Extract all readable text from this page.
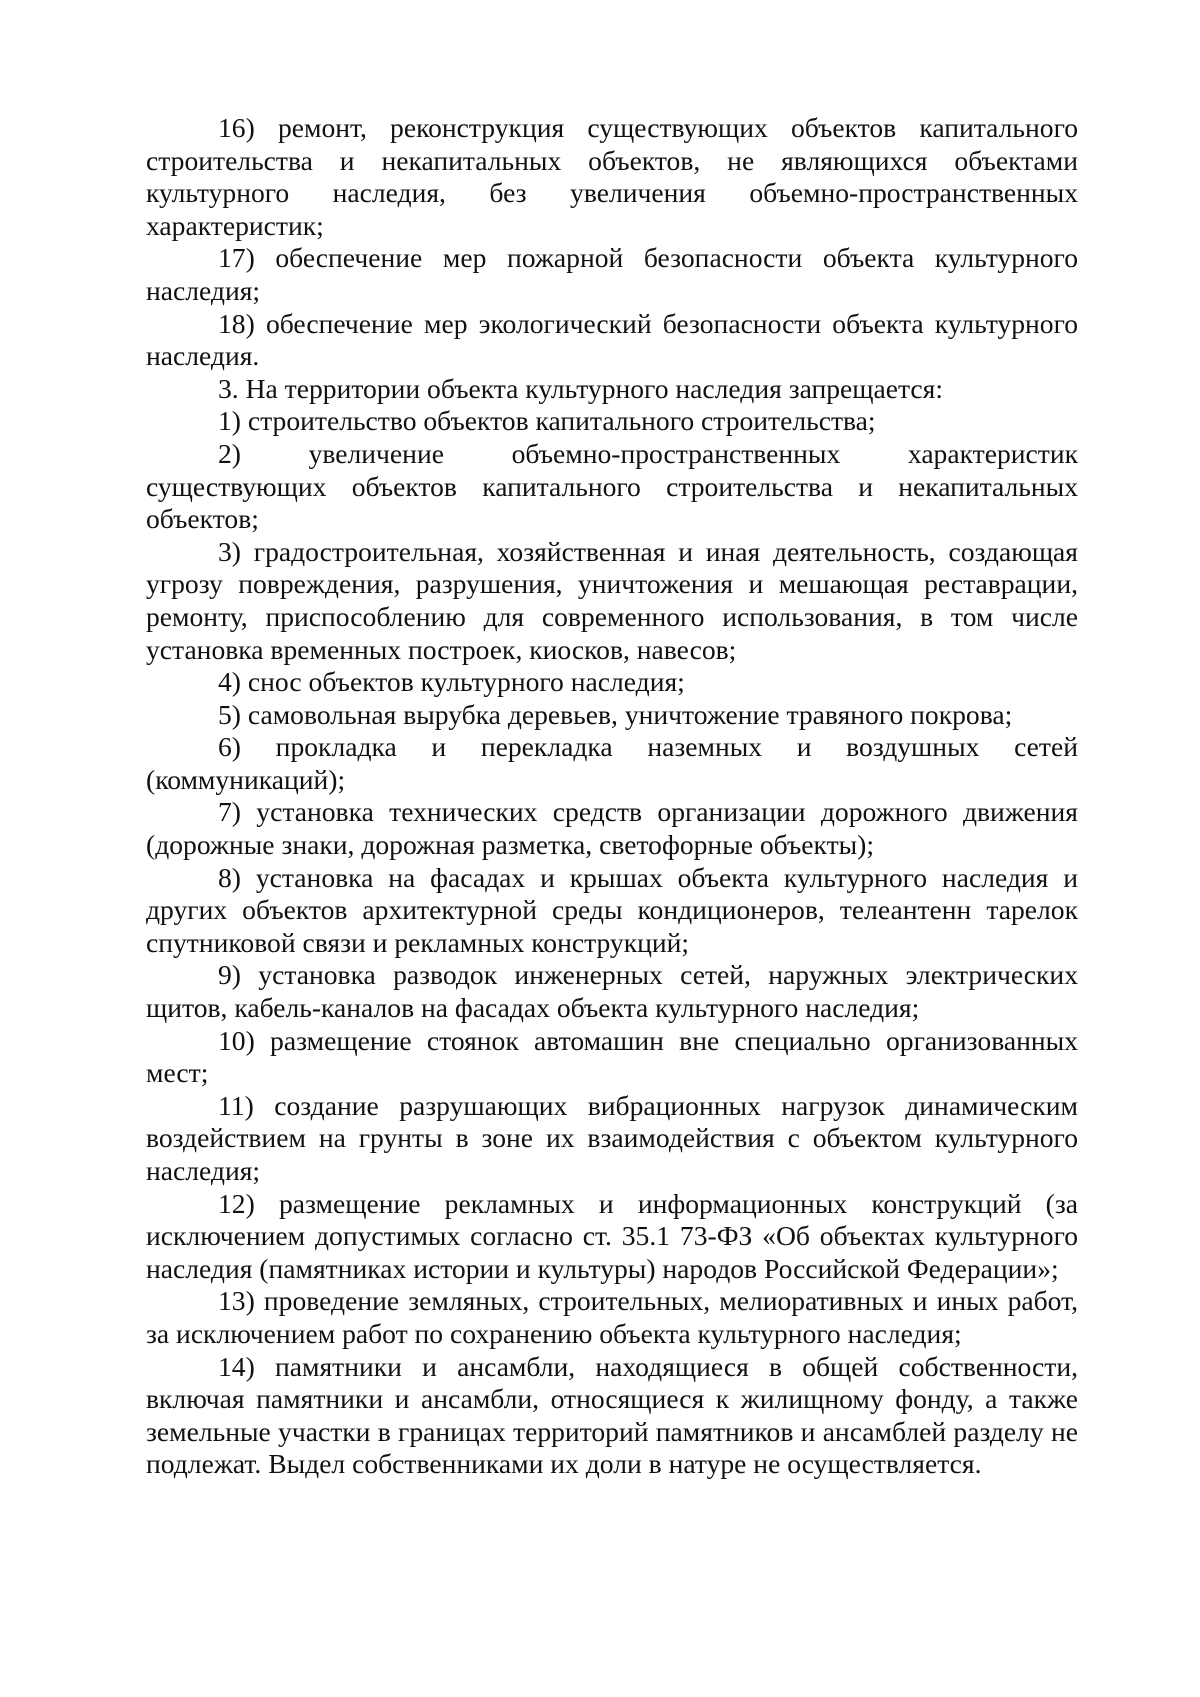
16) ремонт, реконструкция существующих объектов капитального строительства и некапитальных объектов, не являющихся объектами культурного наследия, без увеличения объемно-пространственных характеристик;

17) обеспечение мер пожарной безопасности объекта культурного наследия;

18) обеспечение мер экологический безопасности объекта культурного наследия.

3. На территории объекта культурного наследия запрещается:

1) строительство объектов капитального строительства;

2) увеличение объемно-пространственных характеристик существующих объектов капитального строительства и некапитальных объектов;

3) градостроительная, хозяйственная и иная деятельность, создающая угрозу повреждения, разрушения, уничтожения и мешающая реставрации, ремонту, приспособлению для современного использования, в том числе установка временных построек, киосков, навесов;

4) снос объектов культурного наследия;

5) самовольная вырубка деревьев, уничтожение травяного покрова;

6) прокладка и перекладка наземных и воздушных сетей (коммуникаций);

7) установка технических средств организации дорожного движения (дорожные знаки, дорожная разметка, светофорные объекты);

8) установка на фасадах и крышах объекта культурного наследия и других объектов архитектурной среды кондиционеров, телеантенн тарелок спутниковой связи и рекламных конструкций;

9) установка разводок инженерных сетей, наружных электрических щитов, кабель-каналов на фасадах объекта культурного наследия;

10) размещение стоянок автомашин вне специально организованных мест;

11) создание разрушающих вибрационных нагрузок динамическим воздействием на грунты в зоне их взаимодействия с объектом культурного наследия;

12) размещение рекламных и информационных конструкций (за исключением допустимых согласно ст. 35.1 73-ФЗ «Об объектах культурного наследия (памятниках истории и культуры) народов Российской Федерации»;

13) проведение земляных, строительных, мелиоративных и иных работ, за исключением работ по сохранению объекта культурного наследия;

14) памятники и ансамбли, находящиеся в общей собственности, включая памятники и ансамбли, относящиеся к жилищному фонду, а также земельные участки в границах территорий памятников и ансамблей разделу не подлежат. Выдел собственниками их доли в натуре не осуществляется.
